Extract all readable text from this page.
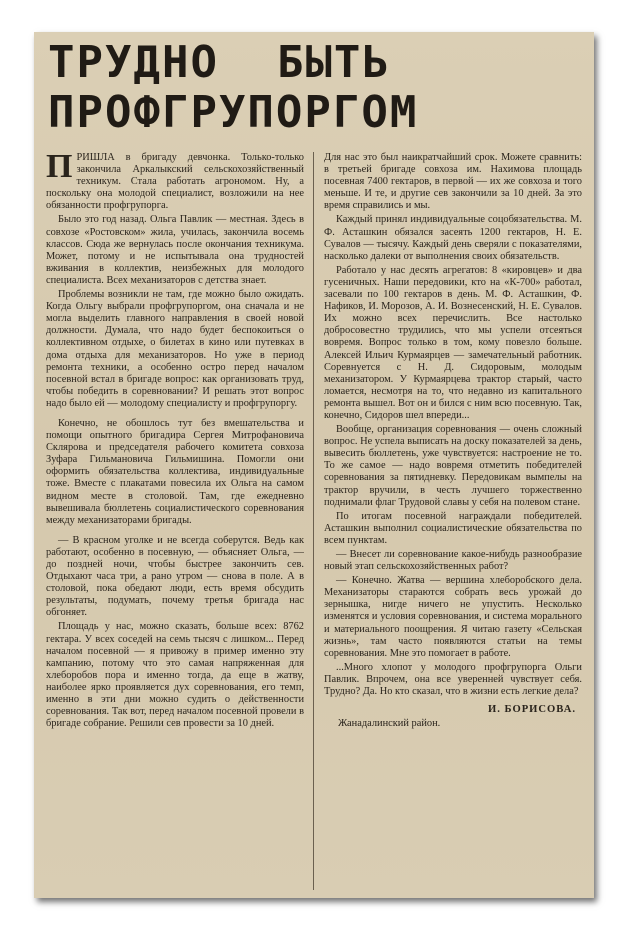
ТРУДНО БЫТЬ
ПРОФГРУПОРГОМ

ПРИШЛА в бригаду девчонка. Только-только закончила Аркалыкский сельскохозяйственный техникум. Стала работать агрономом. Ну, а поскольку она молодой специалист, возложили на нее обязанности профгрупорга.

Было это год назад. Ольга Павлик — местная. Здесь в совхозе «Ростовском» жила, училась, закончила восемь классов. Сюда же вернулась после окончания техникума. Может, потому и не испытывала она трудностей вживания в коллектив, неизбежных для молодого специалиста. Всех механизаторов с детства знает.

Проблемы возникли не там, где можно было ожидать. Когда Ольгу выбрали профгрупоргом, она сначала и не могла выделить главного направления в своей новой должности. Думала, что надо будет беспокоиться о коллективном отдыхе, о билетах в кино или путевках в дома отдыха для механизаторов. Но уже в период ремонта техники, а особенно остро перед началом посевной встал в бригаде вопрос: как организовать труд, чтобы победить в соревновании? И решать этот вопрос надо было ей — молодому специалисту и профгрупоргу.

Конечно, не обошлось тут без вмешательства и помощи опытного бригадира Сергея Митрофановича Склярова и председателя рабочего комитета совхоза Зуфара Гильмановича Гильмишина. Помогли они оформить обязательства коллектива, индивидуальные тоже. Вместе с плакатами повесила их Ольга на самом видном месте в столовой. Там, где ежедневно вывешивала бюллетень социалистического соревнования между механизаторами бригады.

— В красном уголке и не всегда соберутся. Ведь как работают, особенно в посевную, — объясняет Ольга, — до поздней ночи, чтобы быстрее закончить сев. Отдыхают часа три, а рано утром — снова в поле. А в столовой, пока обедают люди, есть время обсудить результаты, подумать, почему третья бригада нас обгоняет.

Площадь у нас, можно сказать, больше всех: 8762 гектара. У всех соседей на семь тысяч с лишком... Перед началом посевной — я привожу в пример именно эту кампанию, потому что это самая напряженная для хлеборобов пора и именно тогда, да еще в жатву, наиболее ярко проявляется дух соревнования, его темп, именно в эти дни можно судить о действенности соревнования. Так вот, перед началом посевной провели в бригаде собрание. Решили сев провести за 10 дней.

Для нас это был наикратчайший срок. Можете сравнить: в третьей бригаде совхоза им. Нахимова площадь посевная 7400 гектаров, в первой — их же совхоза и того меньше. И те, и другие сев закончили за 10 дней. За это время справились и мы.

Каждый принял индивидуальные соцобязательства. М. Ф. Асташкин обязался засеять 1200 гектаров, Н. Е. Сувалов — тысячу. Каждый день сверяли с показателями, насколько далеки от выполнения своих обязательств.

Работало у нас десять агрегатов: 8 «кировцев» и два гусеничных. Наши передовики, кто на «К-700» работал, засевали по 100 гектаров в день. М. Ф. Асташкин, Ф. Нафиков, И. Морозов, А. И. Вознесенский, Н. Е. Сувалов. Их можно всех перечислить. Все настолько добросовестно трудились, что мы успели отсеяться вовремя. Вопрос только в том, кому повезло больше. Алексей Ильич Курмаярцев — замечательный работник. Соревнуется с Н. Д. Сидоровым, молодым механизатором. У Курмаярцева трактор старый, часто ломается, несмотря на то, что недавно из капитального ремонта вышел. Вот он и бился с ним всю посевную. Так, конечно, Сидоров шел впереди...

Вообще, организация соревнования — очень сложный вопрос. Не успела выписать на доску показателей за день, вывесить бюллетень, уже чувствуется: настроение не то. То же самое — надо вовремя отметить победителей соревнования за пятидневку. Передовикам вымпелы на трактор вручили, в честь лучшего торжественно поднимали флаг Трудовой славы у себя на полевом стане.

По итогам посевной награждали победителей. Асташкин выполнил социалистические обязательства по всем пунктам.

— Внесет ли соревнование какое-нибудь разнообразие новый этап сельскохозяйственных работ?

— Конечно. Жатва — вершина хлеборобского дела. Механизаторы стараются собрать весь урожай до зернышка, нигде ничего не упустить. Несколько изменятся и условия соревнования, и система морального и материального поощрения. Я читаю газету «Сельская жизнь», там часто появляются статьи на темы соревнования. Мне это помогает в работе.

...Много хлопот у молодого профгрупорга Ольги Павлик. Впрочем, она все уверенней чувствует себя. Трудно? Да. Но кто сказал, что в жизни есть легкие дела?

И. БОРИСОВА.
Жанадалинский район.
